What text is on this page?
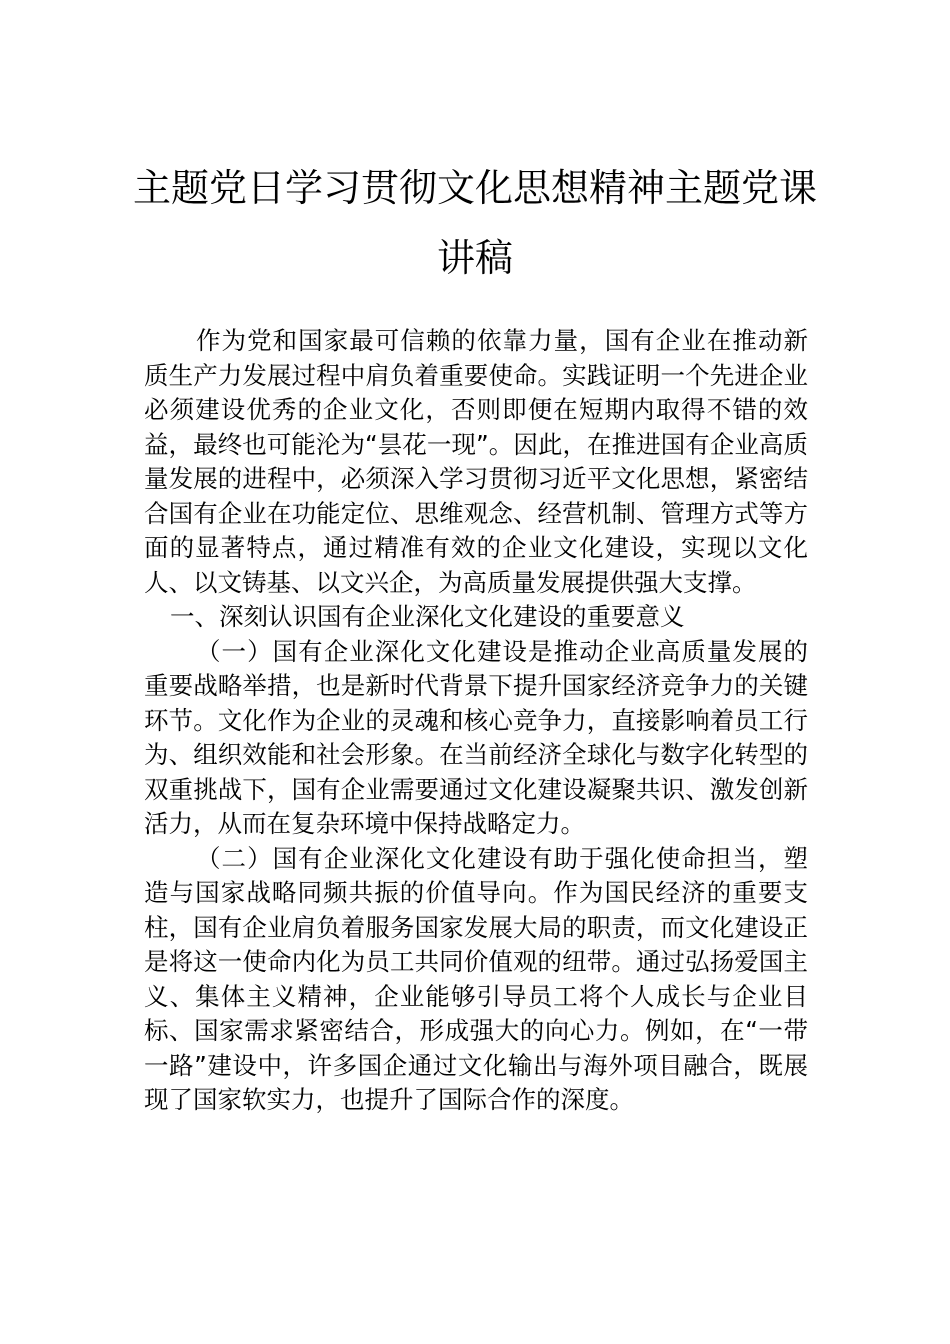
主题党日学习贯彻文化思想精神主题党课
讲稿

作为党和国家最可信赖的依靠力量，国有企业在推动新质生产力发展过程中肩负着重要使命。实践证明一个先进企业必须建设优秀的企业文化，否则即便在短期内取得不错的效益，最终也可能沦为“昙花一现”。因此，在推进国有企业高质量发展的进程中，必须深入学习贯彻习近平文化思想，紧密结合国有企业在功能定位、思维观念、经营机制、管理方式等方面的显著特点，通过精准有效的企业文化建设，实现以文化人、以文铸基、以文兴企，为高质量发展提供强大支撑。

一、深刻认识国有企业深化文化建设的重要意义

（一）国有企业深化文化建设是推动企业高质量发展的重要战略举措，也是新时代背景下提升国家经济竞争力的关键环节。文化作为企业的灵魂和核心竞争力，直接影响着员工行为、组织效能和社会形象。在当前经济全球化与数字化转型的双重挑战下，国有企业需要通过文化建设凝聚共识、激发创新活力，从而在复杂环境中保持战略定力。

（二）国有企业深化文化建设有助于强化使命担当，塑造与国家战略同频共振的价值导向。作为国民经济的重要支柱，国有企业肩负着服务国家发展大局的职责，而文化建设正是将这一使命内化为员工共同价值观的纽带。通过弘扬爱国主义、集体主义精神，企业能够引导员工将个人成长与企业目标、国家需求紧密结合，形成强大的向心力。例如，在“一带一路”建设中，许多国企通过文化输出与海外项目融合，既展现了国家软实力，也提升了国际合作的深度。
